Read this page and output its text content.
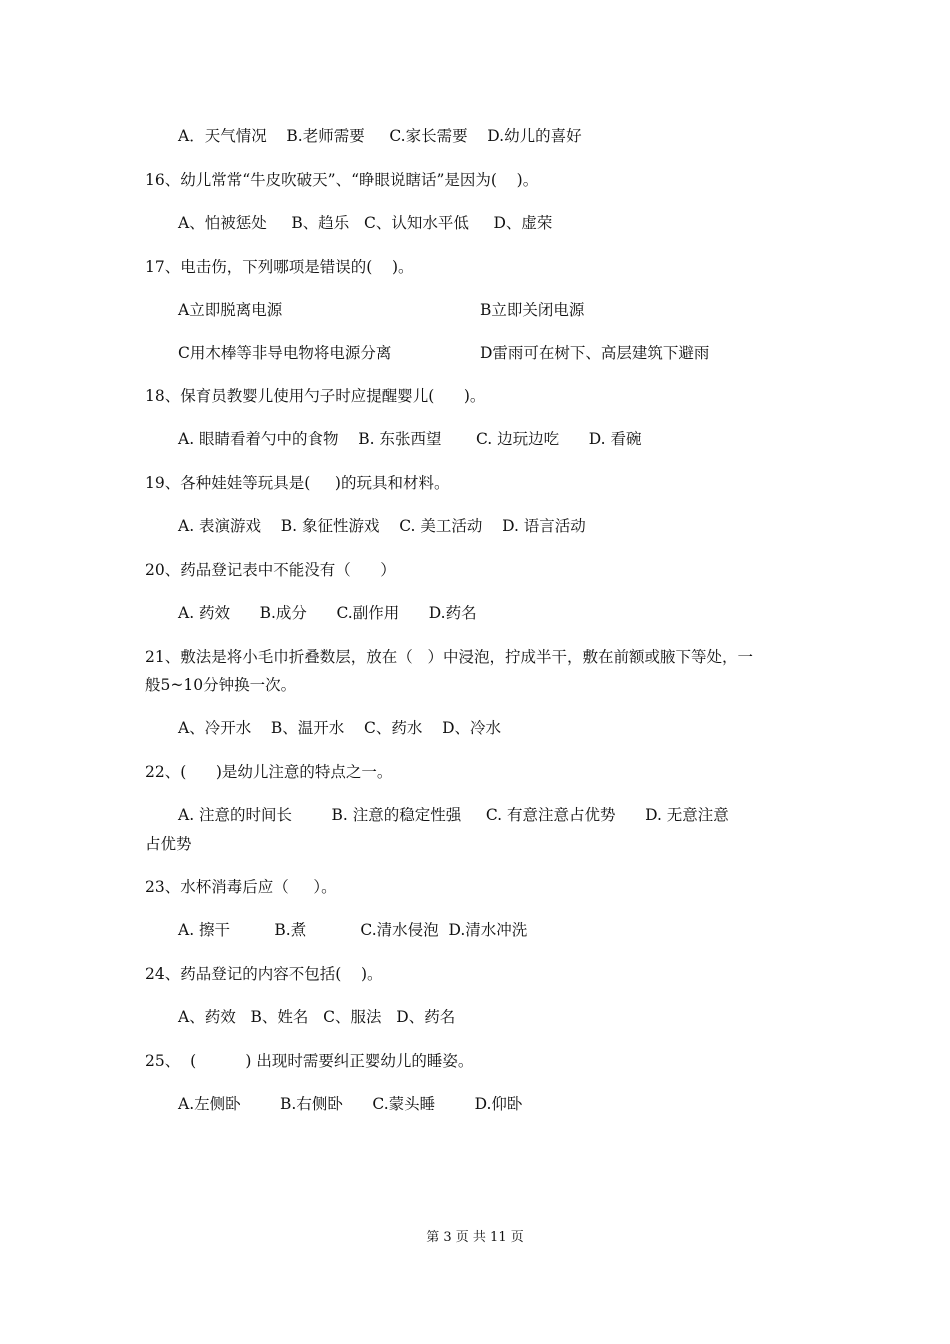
A．天气情况    B.老师需要     C.家长需要    D.幼儿的喜好
16、幼儿常常“牛皮吹破天”、“睁眼说瞎话”是因为(    )。
A、怕被惩处     B、趋乐   C、认知水平低     D、虚荣
17、电击伤，下列哪项是错误的(    )。
A立即脱离电源	B立即关闭电源
C用木棒等非导电物将电源分离	D雷雨可在树下、高层建筑下避雨
18、保育员教婴儿使用勺子时应提醒婴儿(      )。
A. 眼睛看着勺中的食物    B. 东张西望       C. 边玩边吃      D. 看碗
19、各种娃娃等玩具是(     )的玩具和材料。
A. 表演游戏    B. 象征性游戏    C. 美工活动    D. 语言活动
20、药品登记表中不能没有（      ）
A. 药效      B.成分      C.副作用      D.药名
21、敷法是将小毛巾折叠数层，放在（   ）中浸泡，拧成半干，敷在前额或腋下等处，一
般5~10分钟换一次。
A、冷开水    B、温开水    C、药水    D、冷水
22、(      )是幼儿注意的特点之一。
A. 注意的时间长        B. 注意的稳定性强     C. 有意注意占优势      D. 无意注意
占优势
23、水杯消毒后应（     ）。
A. 擦干         B.煮           C.清水侵泡  D.清水冲洗
24、药品登记的内容不包括(    )。
A、药效   B、姓名   C、服法   D、药名
25、  (          ) 出现时需要纠正婴幼儿的睡姿。
A.左侧卧        B.右侧卧      C.蒙头睡        D.仰卧
第 3 页 共 11 页
